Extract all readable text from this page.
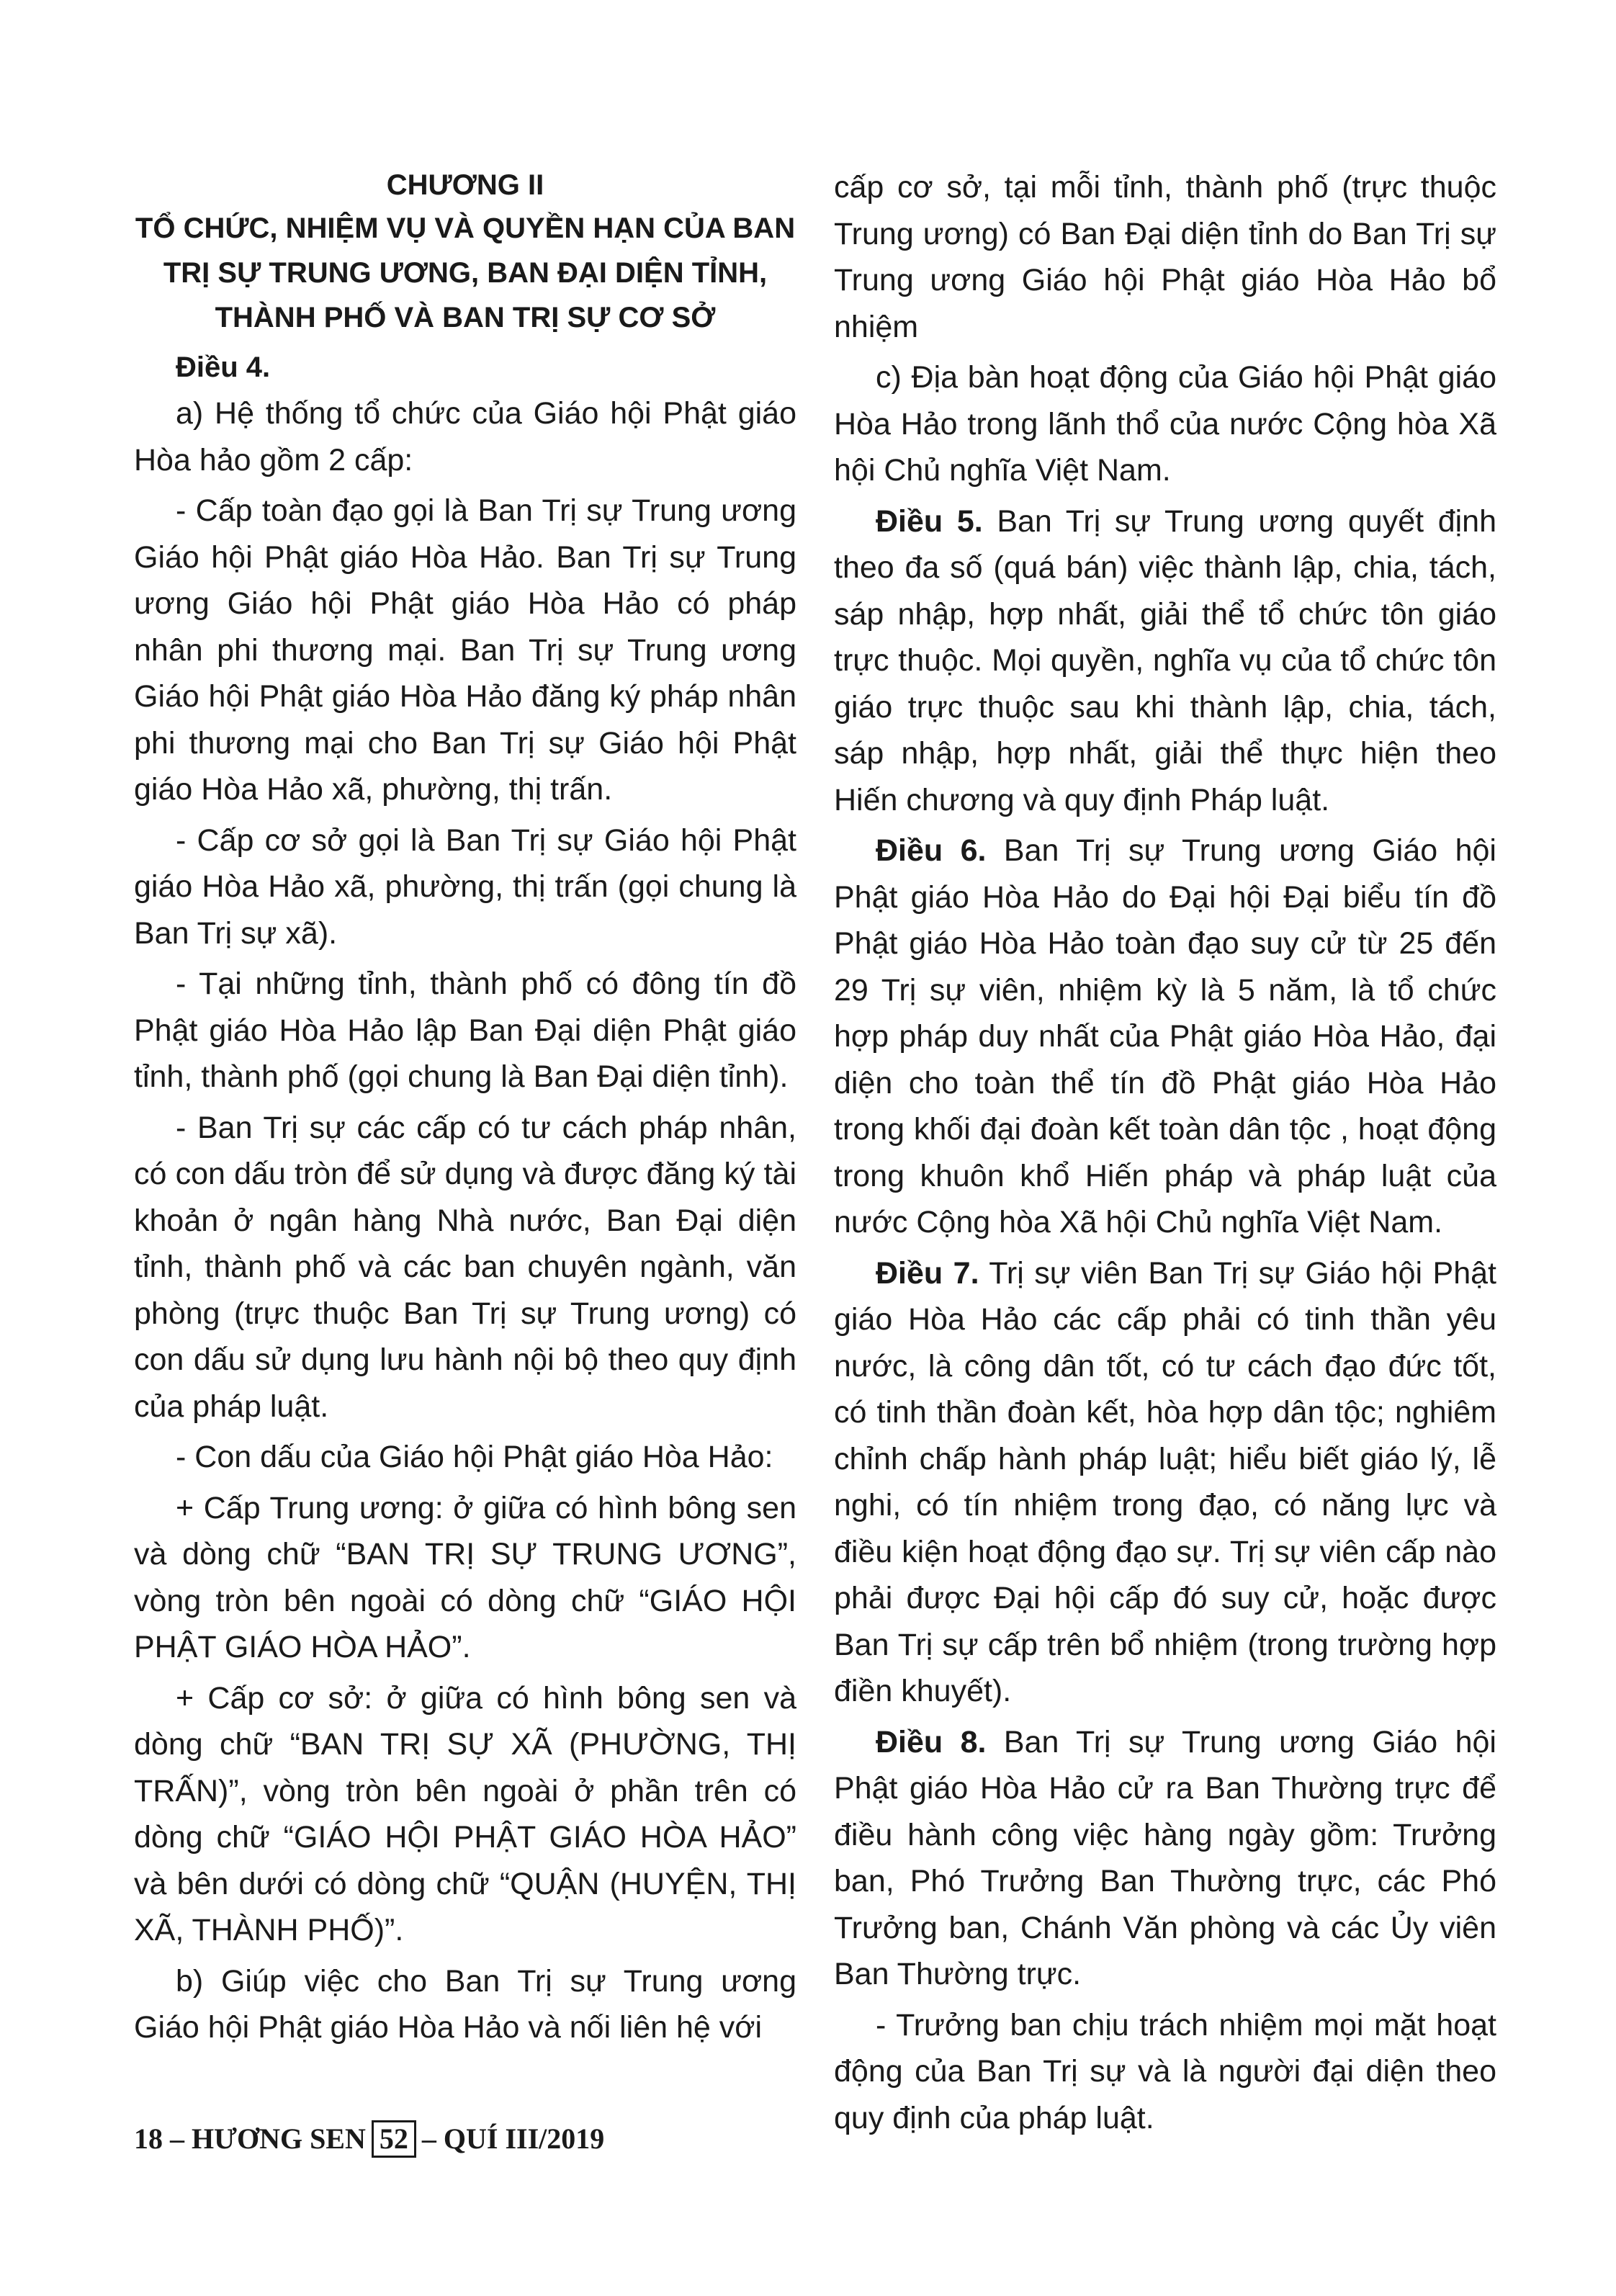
CHƯƠNG II
TỔ CHỨC, NHIỆM VỤ VÀ QUYỀN HẠN CỦA BAN TRỊ SỰ TRUNG ƯƠNG, BAN ĐẠI DIỆN TỈNH, THÀNH PHỐ VÀ BAN TRỊ SỰ CƠ SỞ
Điều 4.

a) Hệ thống tổ chức của Giáo hội Phật giáo Hòa hảo gồm 2 cấp:

- Cấp toàn đạo gọi là Ban Trị sự Trung ương Giáo hội Phật giáo Hòa Hảo. Ban Trị sự Trung ương Giáo hội Phật giáo Hòa Hảo có pháp nhân phi thương mại. Ban Trị sự Trung ương Giáo hội Phật giáo Hòa Hảo đăng ký pháp nhân phi thương mại cho Ban Trị sự Giáo hội Phật giáo Hòa Hảo xã, phường, thị trấn.

- Cấp cơ sở gọi là Ban Trị sự Giáo hội Phật giáo Hòa Hảo xã, phường, thị trấn (gọi chung là Ban Trị sự xã).

- Tại những tỉnh, thành phố có đông tín đồ Phật giáo Hòa Hảo lập Ban Đại diện Phật giáo tỉnh, thành phố (gọi chung là Ban Đại diện tỉnh).

- Ban Trị sự các cấp có tư cách pháp nhân, có con dấu tròn để sử dụng và được đăng ký tài khoản ở ngân hàng Nhà nước, Ban Đại diện tỉnh, thành phố và các ban chuyên ngành, văn phòng (trực thuộc Ban Trị sự Trung ương) có con dấu sử dụng lưu hành nội bộ theo quy định của pháp luật.

- Con dấu của Giáo hội Phật giáo Hòa Hảo:

+ Cấp Trung ương: ở giữa có hình bông sen và dòng chữ “BAN TRỊ SỰ TRUNG ƯƠNG”, vòng tròn bên ngoài có dòng chữ “GIÁO HỘI PHẬT GIÁO HÒA HẢO”.

+ Cấp cơ sở: ở giữa có hình bông sen và dòng chữ “BAN TRỊ SỰ XÃ (PHƯỜNG, THỊ TRẤN)”, vòng tròn bên ngoài ở phần trên có dòng chữ “GIÁO HỘI PHẬT GIÁO HÒA HẢO” và bên dưới có dòng chữ “QUẬN (HUYỆN, THỊ XÃ, THÀNH PHỐ)”.

b) Giúp việc cho Ban Trị sự Trung ương Giáo hội Phật giáo Hòa Hảo và nối liên hệ với

cấp cơ sở, tại mỗi tỉnh, thành phố (trực thuộc Trung ương) có Ban Đại diện tỉnh do Ban Trị sự Trung ương Giáo hội Phật giáo Hòa Hảo bổ nhiệm

c) Địa bàn hoạt động của Giáo hội Phật giáo Hòa Hảo trong lãnh thổ của nước Cộng hòa Xã hội Chủ nghĩa Việt Nam.

Điều 5. Ban Trị sự Trung ương quyết định theo đa số (quá bán) việc thành lập, chia, tách, sáp nhập, hợp nhất, giải thể tổ chức tôn giáo trực thuộc. Mọi quyền, nghĩa vụ của tổ chức tôn giáo trực thuộc sau khi thành lập, chia, tách, sáp nhập, hợp nhất, giải thể thực hiện theo Hiến chương và quy định Pháp luật.

Điều 6. Ban Trị sự Trung ương Giáo hội Phật giáo Hòa Hảo do Đại hội Đại biểu tín đồ Phật giáo Hòa Hảo toàn đạo suy cử từ 25 đến 29 Trị sự viên, nhiệm kỳ là 5 năm, là tổ chức hợp pháp duy nhất của Phật giáo Hòa Hảo, đại diện cho toàn thể tín đồ Phật giáo Hòa Hảo trong khối đại đoàn kết toàn dân tộc , hoạt động trong khuôn khổ Hiến pháp và pháp luật của nước Cộng hòa Xã hội Chủ nghĩa Việt Nam.

Điều 7. Trị sự viên Ban Trị sự Giáo hội Phật giáo Hòa Hảo các cấp phải có tinh thần yêu nước, là công dân tốt, có tư cách đạo đức tốt, có tinh thần đoàn kết, hòa hợp dân tộc; nghiêm chỉnh chấp hành pháp luật; hiểu biết giáo lý, lễ nghi, có tín nhiệm trong đạo, có năng lực và điều kiện hoạt động đạo sự. Trị sự viên cấp nào phải được Đại hội cấp đó suy cử, hoặc được Ban Trị sự cấp trên bổ nhiệm (trong trường hợp điền khuyết).

Điều 8. Ban Trị sự Trung ương Giáo hội Phật giáo Hòa Hảo cử ra Ban Thường trực để điều hành công việc hàng ngày gồm: Trưởng ban, Phó Trưởng Ban Thường trực, các Phó Trưởng ban, Chánh Văn phòng và các Ủy viên Ban Thường trực.

- Trưởng ban chịu trách nhiệm mọi mặt hoạt động của Ban Trị sự và là người đại diện theo quy định của pháp luật.

18 – HƯƠNG SEN 52 – QUÍ III/2019
